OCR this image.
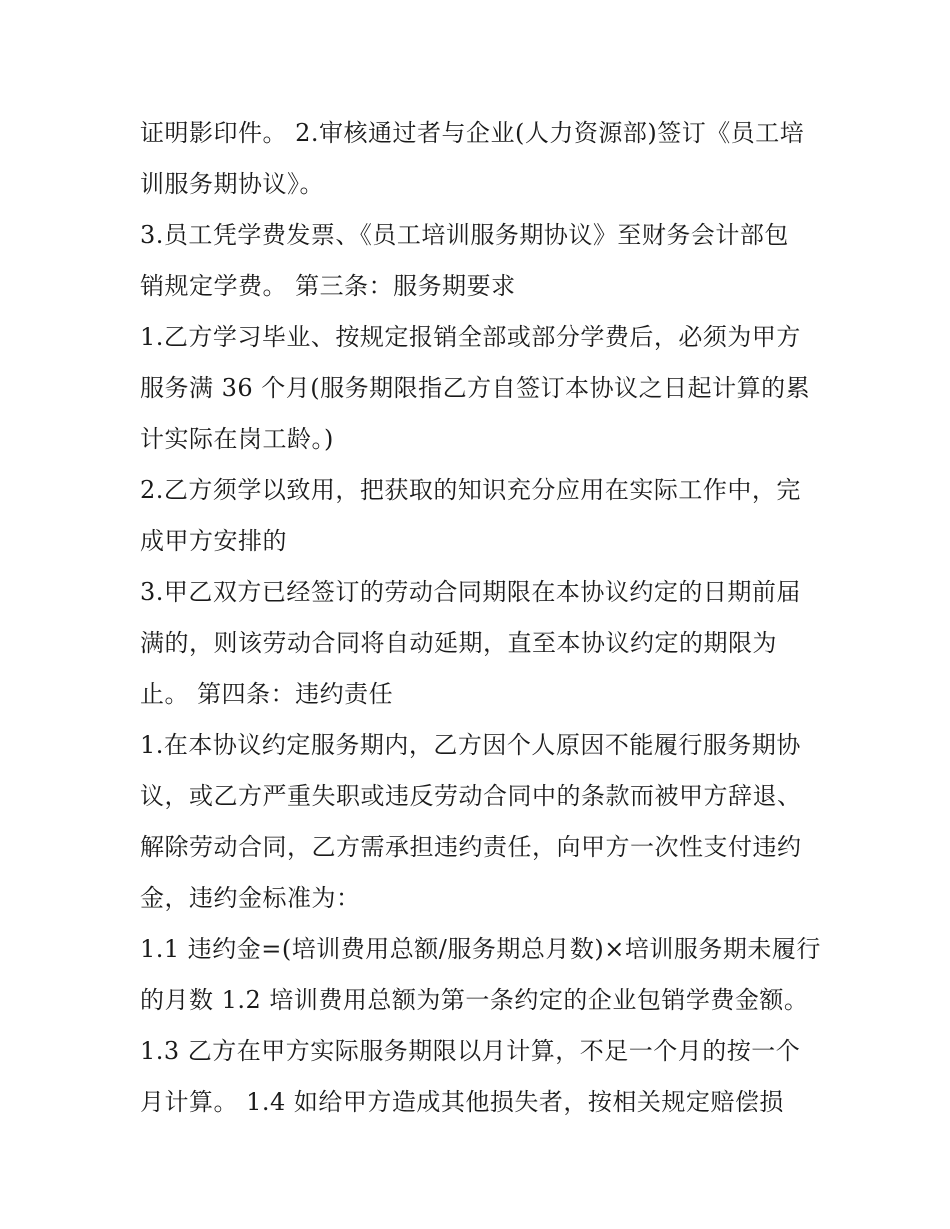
证明影印件。 2.审核通过者与企业(人力资源部)签订《员工培
训服务期协议》。
3.员工凭学费发票、《员工培训服务期协议》至财务会计部包
销规定学费。 第三条：服务期要求
1.乙方学习毕业、按规定报销全部或部分学费后，必须为甲方
服务满 36 个月(服务期限指乙方自签订本协议之日起计算的累
计实际在岗工龄。)
2.乙方须学以致用，把获取的知识充分应用在实际工作中，完
成甲方安排的
3.甲乙双方已经签订的劳动合同期限在本协议约定的日期前届
满的，则该劳动合同将自动延期，直至本协议约定的期限为
止。 第四条：违约责任
1.在本协议约定服务期内，乙方因个人原因不能履行服务期协
议，或乙方严重失职或违反劳动合同中的条款而被甲方辞退、
解除劳动合同，乙方需承担违约责任，向甲方一次性支付违约
金，违约金标准为：
1.1 违约金=(培训费用总额/服务期总月数)×培训服务期未履行
的月数 1.2 培训费用总额为第一条约定的企业包销学费金额。
1.3 乙方在甲方实际服务期限以月计算，不足一个月的按一个
月计算。 1.4 如给甲方造成其他损失者，按相关规定赔偿损
